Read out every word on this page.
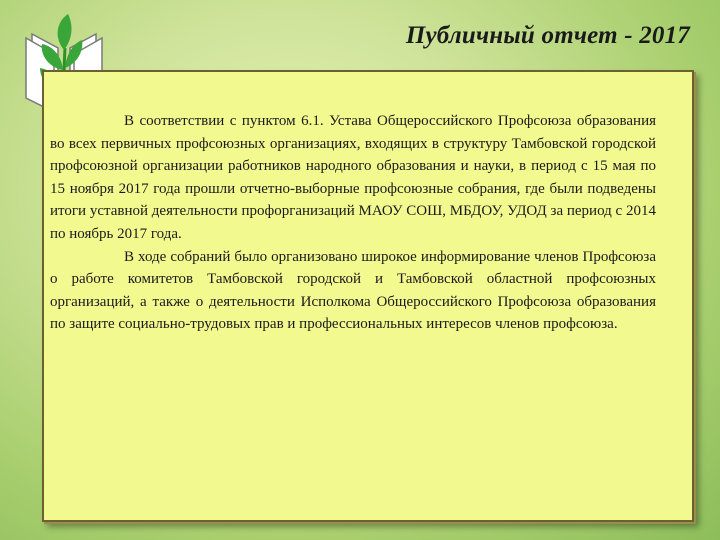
Публичный отчет - 2017

В соответствии с пунктом 6.1. Устава Общероссийского Профсоюза образования во всех первичных профсоюзных организациях, входящих в структуру Тамбовской городской профсоюзной организации работников народного образования и науки, в период с 15 мая по 15 ноября 2017 года прошли отчетно-выборные профсоюзные собрания, где были подведены итоги уставной деятельности профорганизаций МАОУ СОШ, МБДОУ, УДОД за период с 2014 по ноябрь 2017 года.

В ходе собраний было организовано широкое информирование членов Профсоюза о работе комитетов Тамбовской городской и Тамбовской областной профсоюзных организаций, а также о деятельности Исполкома Общероссийского Профсоюза образования по защите социально-трудовых прав и профессиональных интересов членов профсоюза.
